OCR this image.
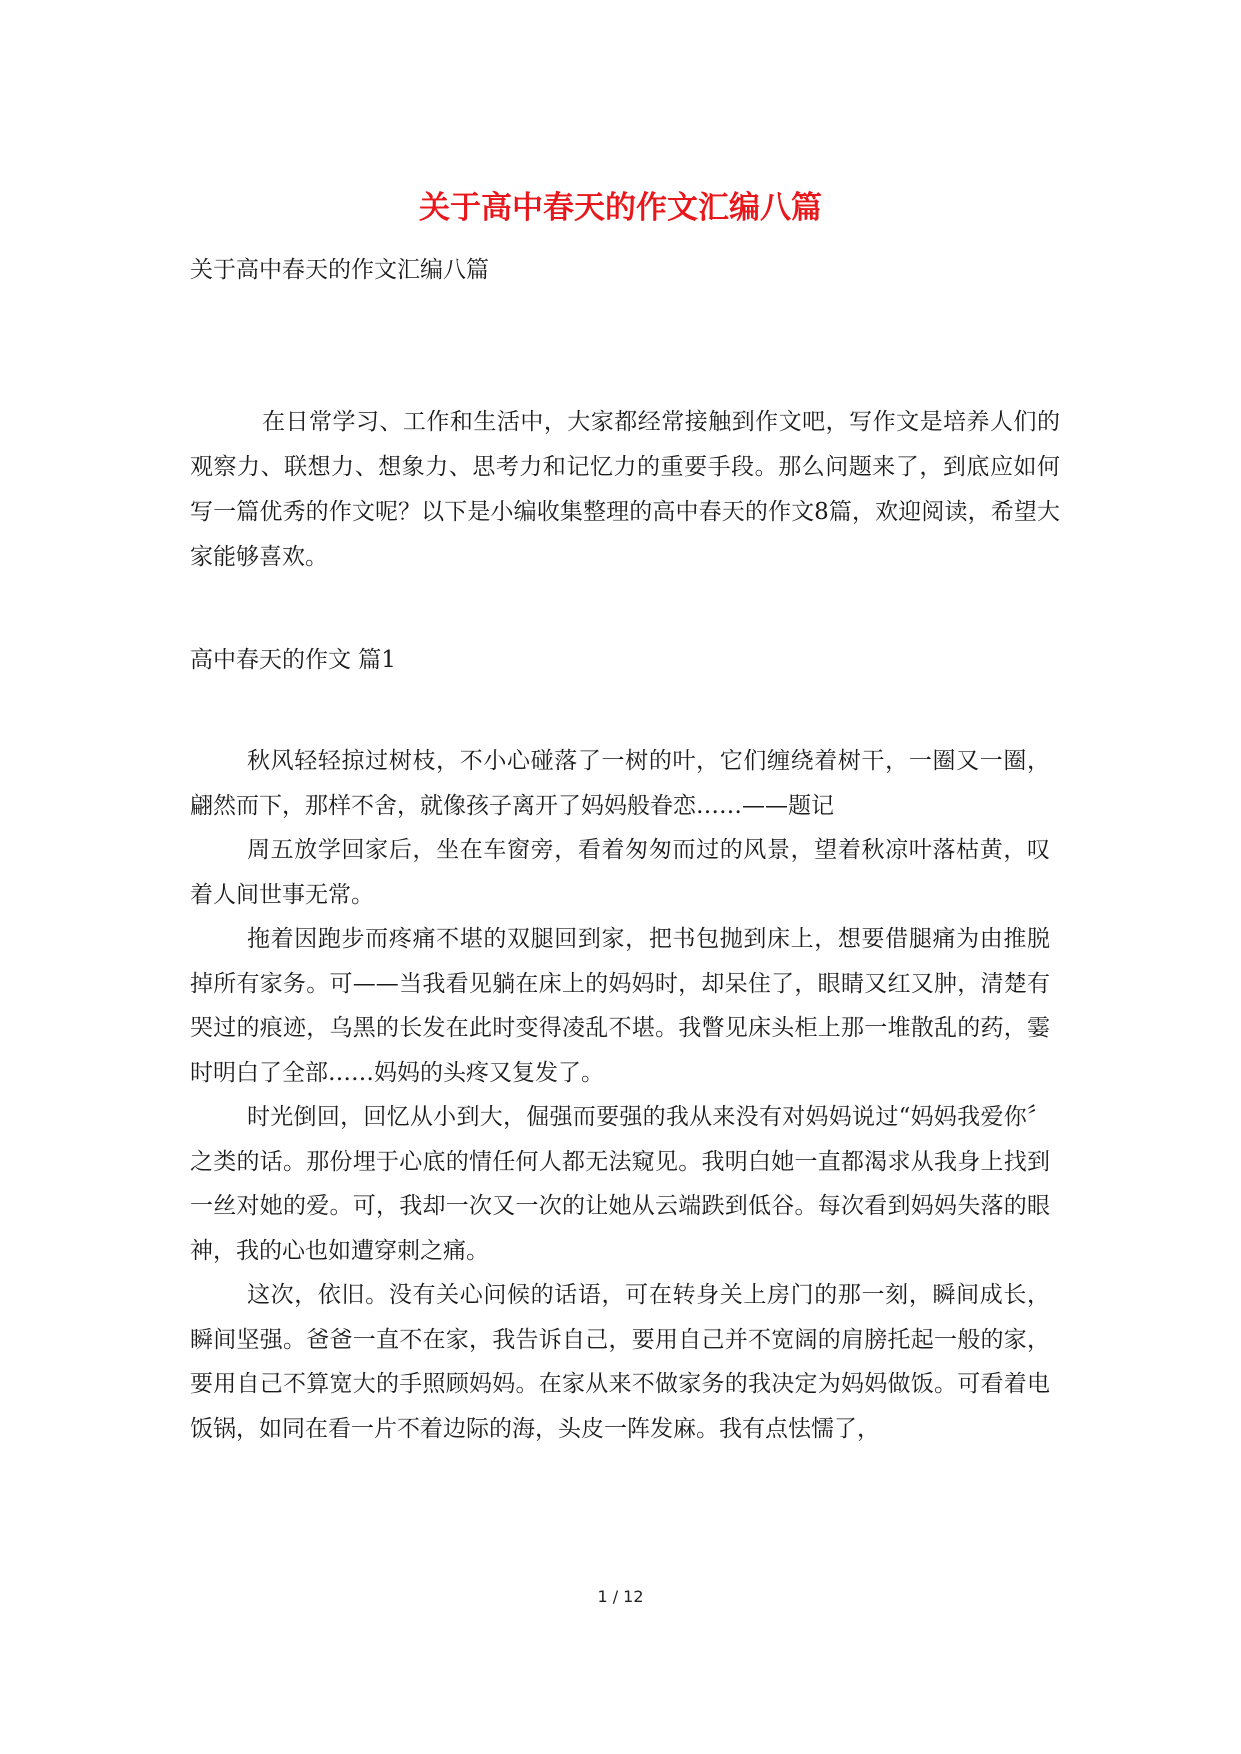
关于高中春天的作文汇编八篇

关于高中春天的作文汇编八篇

在日常学习、工作和生活中，大家都经常接触到作文吧，写作文是培养人们的观察力、联想力、想象力、思考力和记忆力的重要手段。那么问题来了，到底应如何写一篇优秀的作文呢？以下是小编收集整理的高中春天的作文8篇，欢迎阅读，希望大家能够喜欢。

高中春天的作文 篇1

秋风轻轻掠过树枝，不小心碰落了一树的叶，它们缠绕着树干，一圈又一圈，翩然而下，那样不舍，就像孩子离开了妈妈般眷恋……——题记

周五放学回家后，坐在车窗旁，看着匆匆而过的风景，望着秋凉叶落枯黄，叹着人间世事无常。

拖着因跑步而疼痛不堪的双腿回到家，把书包抛到床上，想要借腿痛为由推脱掉所有家务。可——当我看见躺在床上的妈妈时，却呆住了，眼睛又红又肿，清楚有哭过的痕迹，乌黑的长发在此时变得凌乱不堪。我瞥见床头柜上那一堆散乱的药，霎时明白了全部……妈妈的头疼又复发了。

时光倒回，回忆从小到大，倔强而要强的我从来没有对妈妈说过“妈妈我爱你〞之类的话。那份埋于心底的情任何人都无法窥见。我明白她一直都渴求从我身上找到一丝对她的爱。可，我却一次又一次的让她从云端跌到低谷。每次看到妈妈失落的眼神，我的心也如遭穿刺之痛。

这次，依旧。没有关心问候的话语，可在转身关上房门的那一刻，瞬间成长，瞬间坚强。爸爸一直不在家，我告诉自己，要用自己并不宽阔的肩膀托起一般的家，要用自己不算宽大的手照顾妈妈。在家从来不做家务的我决定为妈妈做饭。可看着电饭锅，如同在看一片不着边际的海，头皮一阵发麻。我有点怯懦了，

1 / 12
